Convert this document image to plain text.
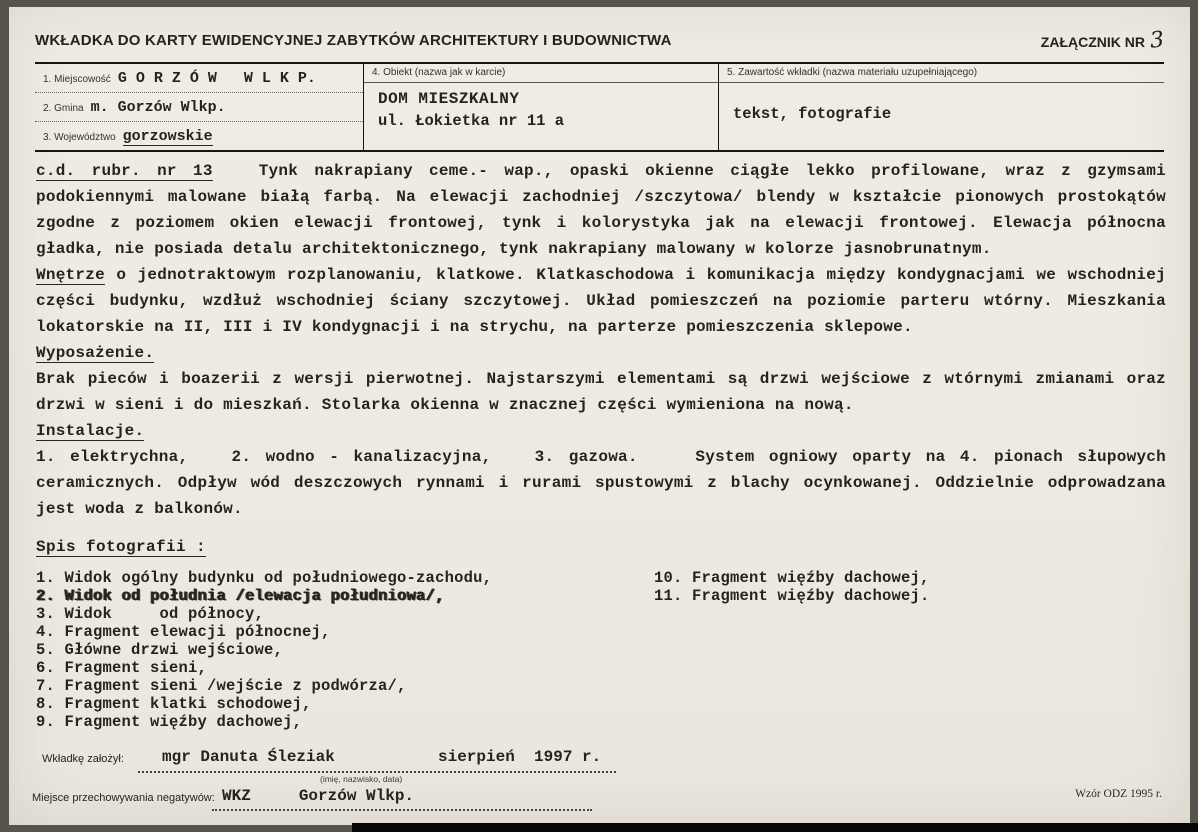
WKŁADKA DO KARTY EWIDENCYJNEJ ZABYTKÓW ARCHITEKTURY I BUDOWNICTWA	ZAŁĄCZNIK NR 3
1. Miejscowość G O R Z Ó W   W L K P.
2. Gmina m. Gorzów Wlkp.
3. Województwo gorzowskie
4. Obiekt (nazwa jak w karcie)
DOM MIESZKALNY
ul. Łokietka nr 11 a
5. Zawartość wkładki (nazwa materiału uzupełniającego)
tekst, fotografie

c.d. rubr. nr 13	Tynk nakrapiany ceme.- wap., opaski okienne ciągłe lekko profilowane, wraz z gzymsami podokiennymi malowane białą farbą. Na elewacji zachodniej /szczytowa/ blendy w kształcie pionowych prostokątów zgodne z poziomem okien elewacji frontowej, tynk i kolorystyka jak na elewacji frontowej. Elewacja północna gładka, nie posiada detalu architektonicznego, tynk nakrapiany malowany w kolorze jasnobrunatnym.

Wnętrze o jednotraktowym rozplanowaniu, klatkowe. Klatkaschodowa i komunikacja między kondygnacjami we wschodniej części budynku, wzdłuż wschodniej ściany szczytowej. Układ pomieszczeń na poziomie parteru wtórny. Mieszkania lokatorskie na II, III i IV kondygnacji i na strychu, na parterze pomieszczenia sklepowe.

Wyposażenie.

Brak pieców i boazerii z wersji pierwotnej. Najstarszymi elementami są drzwi wejściowe z wtórnymi zmianami oraz drzwi w sieni i do mieszkań. Stolarka okienna w znacznej części wymieniona na nową.

Instalacje.

1. elektrychna,   2. wodno - kanalizacyjna,   3. gazowa.    System ogniowy oparty na 4. pionach słupowych ceramicznych. Odpływ wód deszczowych rynnami i rurami spustowymi z blachy ocynkowanej. Oddzielnie odprowadzana jest woda z balkonów.

Spis fotografii :

1. Widok ogólny budynku od południowego-zachodu,
2. Widok od południa /elewacja południowa/,
3. Widok     od północy,
4. Fragment elewacji północnej,
5. Główne drzwi wejściowe,
6. Fragment sieni,
7. Fragment sieni /wejście z podwórza/,
8. Fragment klatki schodowej,
9. Fragment więźby dachowej,
10. Fragment więźby dachowej,
11. Fragment więźby dachowej.
Wkładkę założył: mgr Danuta Śleziak	sierpień  1997 r.
(imię, nazwisko, data)
Miejsce przechowywania negatywów: WKZ     Gorzów Wlkp.	Wzór ODZ 1995 r.
